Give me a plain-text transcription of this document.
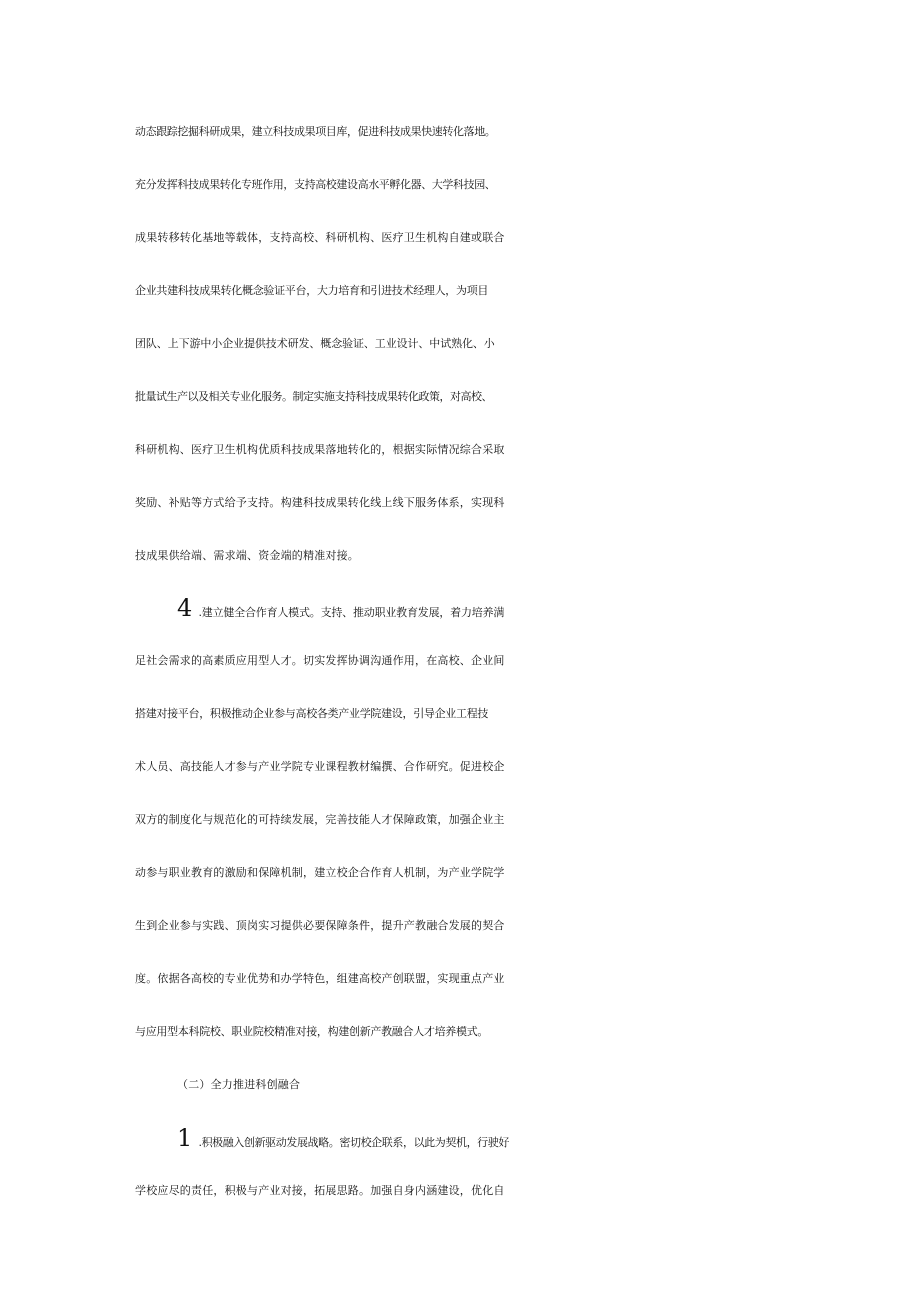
动态跟踪挖掘科研成果，建立科技成果项目库，促进科技成果快速转化落地。
充分发挥科技成果转化专班作用，支持高校建设高水平孵化器、大学科技园、
成果转移转化基地等载体，支持高校、科研机构、医疗卫生机构自建或联合
企业共建科技成果转化概念验证平台，大力培育和引进技术经理人，为项目
团队、上下游中小企业提供技术研发、概念验证、工业设计、中试熟化、小
批量试生产以及相关专业化服务。制定实施支持科技成果转化政策，对高校、
科研机构、医疗卫生机构优质科技成果落地转化的，根据实际情况综合采取
奖励、补贴等方式给予支持。构建科技成果转化线上线下服务体系，实现科
技成果供给端、需求端、资金端的精准对接。
4 .建立健全合作育人模式。支持、推动职业教育发展，着力培养满
足社会需求的高素质应用型人才。切实发挥协调沟通作用，在高校、企业间
搭建对接平台，积极推动企业参与高校各类产业学院建设，引导企业工程技
术人员、高技能人才参与产业学院专业课程教材编撰、合作研究。促进校企
双方的制度化与规范化的可持续发展，完善技能人才保障政策，加强企业主
动参与职业教育的激励和保障机制，建立校企合作育人机制，为产业学院学
生到企业参与实践、顶岗实习提供必要保障条件，提升产教融合发展的契合
度。依据各高校的专业优势和办学特色，组建高校产创联盟，实现重点产业
与应用型本科院校、职业院校精准对接，构建创新产教融合人才培养模式。
（二）全力推进科创融合
1 .积极融入创新驱动发展战略。密切校企联系，以此为契机，行驶好
学校应尽的责任，积极与产业对接，拓展思路。加强自身内涵建设，优化自
